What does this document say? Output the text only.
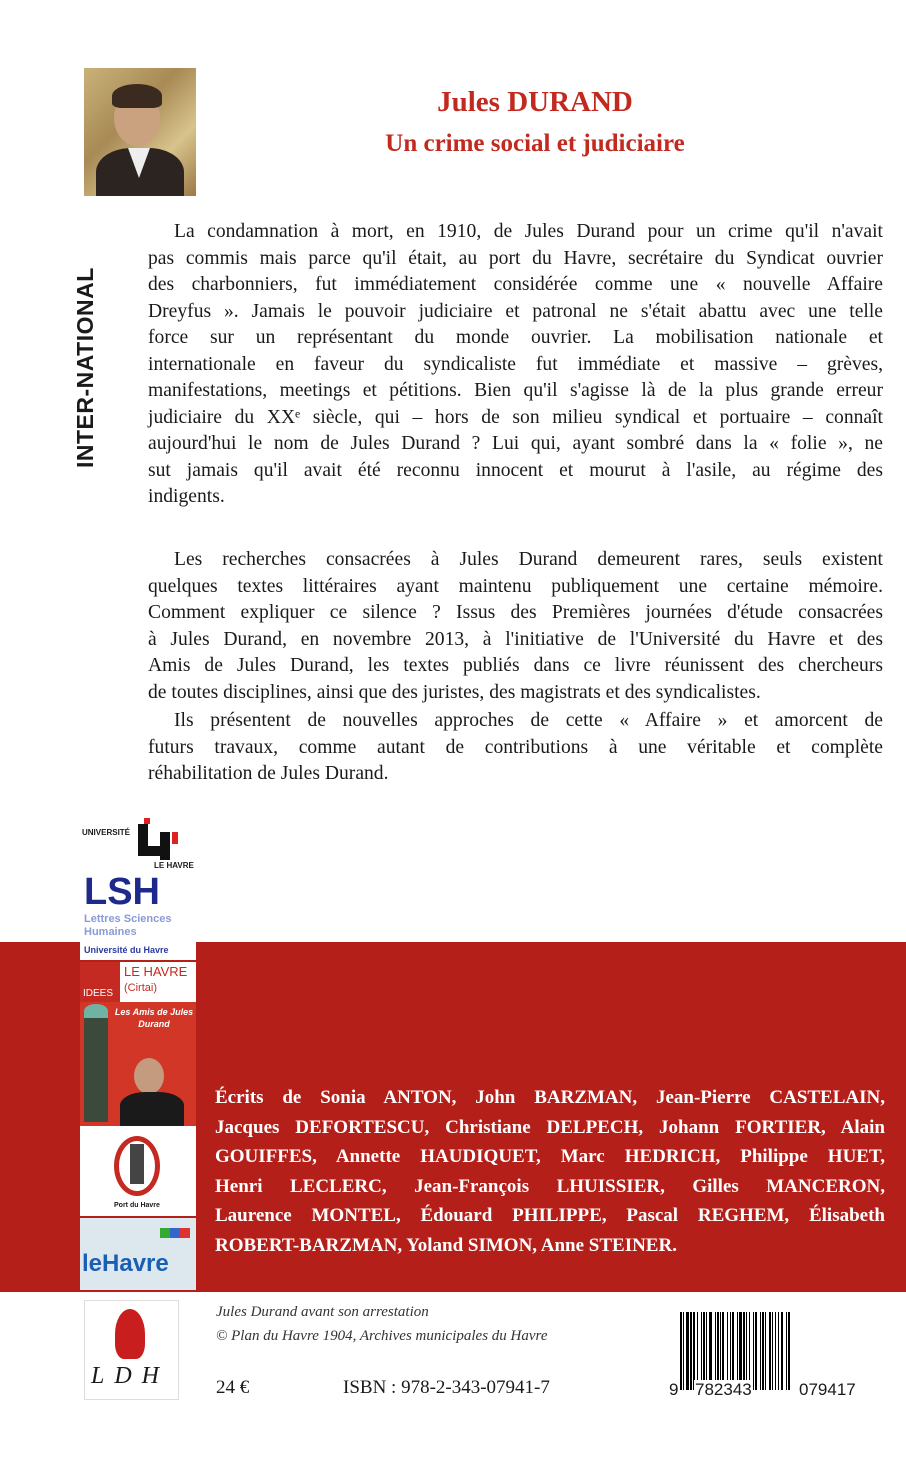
Jules DURAND
Un crime social et judiciaire
INTER-NATIONAL
La condamnation à mort, en 1910, de Jules Durand pour un crime qu'il n'avait
pas commis mais parce qu'il était, au port du Havre, secrétaire du Syndicat ouvrier
des charbonniers, fut immédiatement considérée comme une « nouvelle Affaire
Dreyfus ». Jamais le pouvoir judiciaire et patronal ne s'était abattu avec une telle
force sur un représentant du monde ouvrier. La mobilisation nationale et
internationale en faveur du syndicaliste fut immédiate et massive – grèves,
manifestations, meetings et pétitions. Bien qu'il s'agisse là de la plus grande erreur
judiciaire du XXᵉ siècle, qui – hors de son milieu syndical et portuaire – connaît
aujourd'hui le nom de Jules Durand ? Lui qui, ayant sombré dans la « folie », ne
sut jamais qu'il avait été reconnu innocent et mourut à l'asile, au régime des
indigents.
Les recherches consacrées à Jules Durand demeurent rares, seuls existent
quelques textes littéraires ayant maintenu publiquement une certaine mémoire.
Comment expliquer ce silence ? Issus des Premières journées d'étude consacrées
à Jules Durand, en novembre 2013, à l'initiative de l'Université du Havre et des
Amis de Jules Durand, les textes publiés dans ce livre réunissent des chercheurs
de toutes disciplines, ainsi que des juristes, des magistrats et des syndicalistes.
Ils présentent de nouvelles approches de cette « Affaire » et amorcent de
futurs travaux, comme autant de contributions à une véritable et complète
réhabilitation de Jules Durand.
Écrits de Sonia ANTON, John BARZMAN, Jean-Pierre CASTELAIN,
Jacques DEFORTESCU, Christiane DELPECH, Johann FORTIER, Alain
GOUIFFES, Annette HAUDIQUET, Marc HEDRICH, Philippe HUET,
Henri LECLERC, Jean-François LHUISSIER, Gilles MANCERON,
Laurence MONTEL, Édouard PHILIPPE, Pascal REGHEM, Élisabeth
ROBERT-BARZMAN, Yoland SIMON, Anne STEINER.
UNIVERSITÉ
LE HAVRE
LSH
Lettres Sciences Humaines
Université du Havre
IDEES
LE HAVRE
(Cirtai)
Les Amis de Jules Durand
Port du Havre
leHavre
LDH
Jules Durand avant son arrestation
© Plan du Havre 1904, Archives municipales du Havre
24 €	ISBN : 978-2-343-07941-7	9 782343	079417
